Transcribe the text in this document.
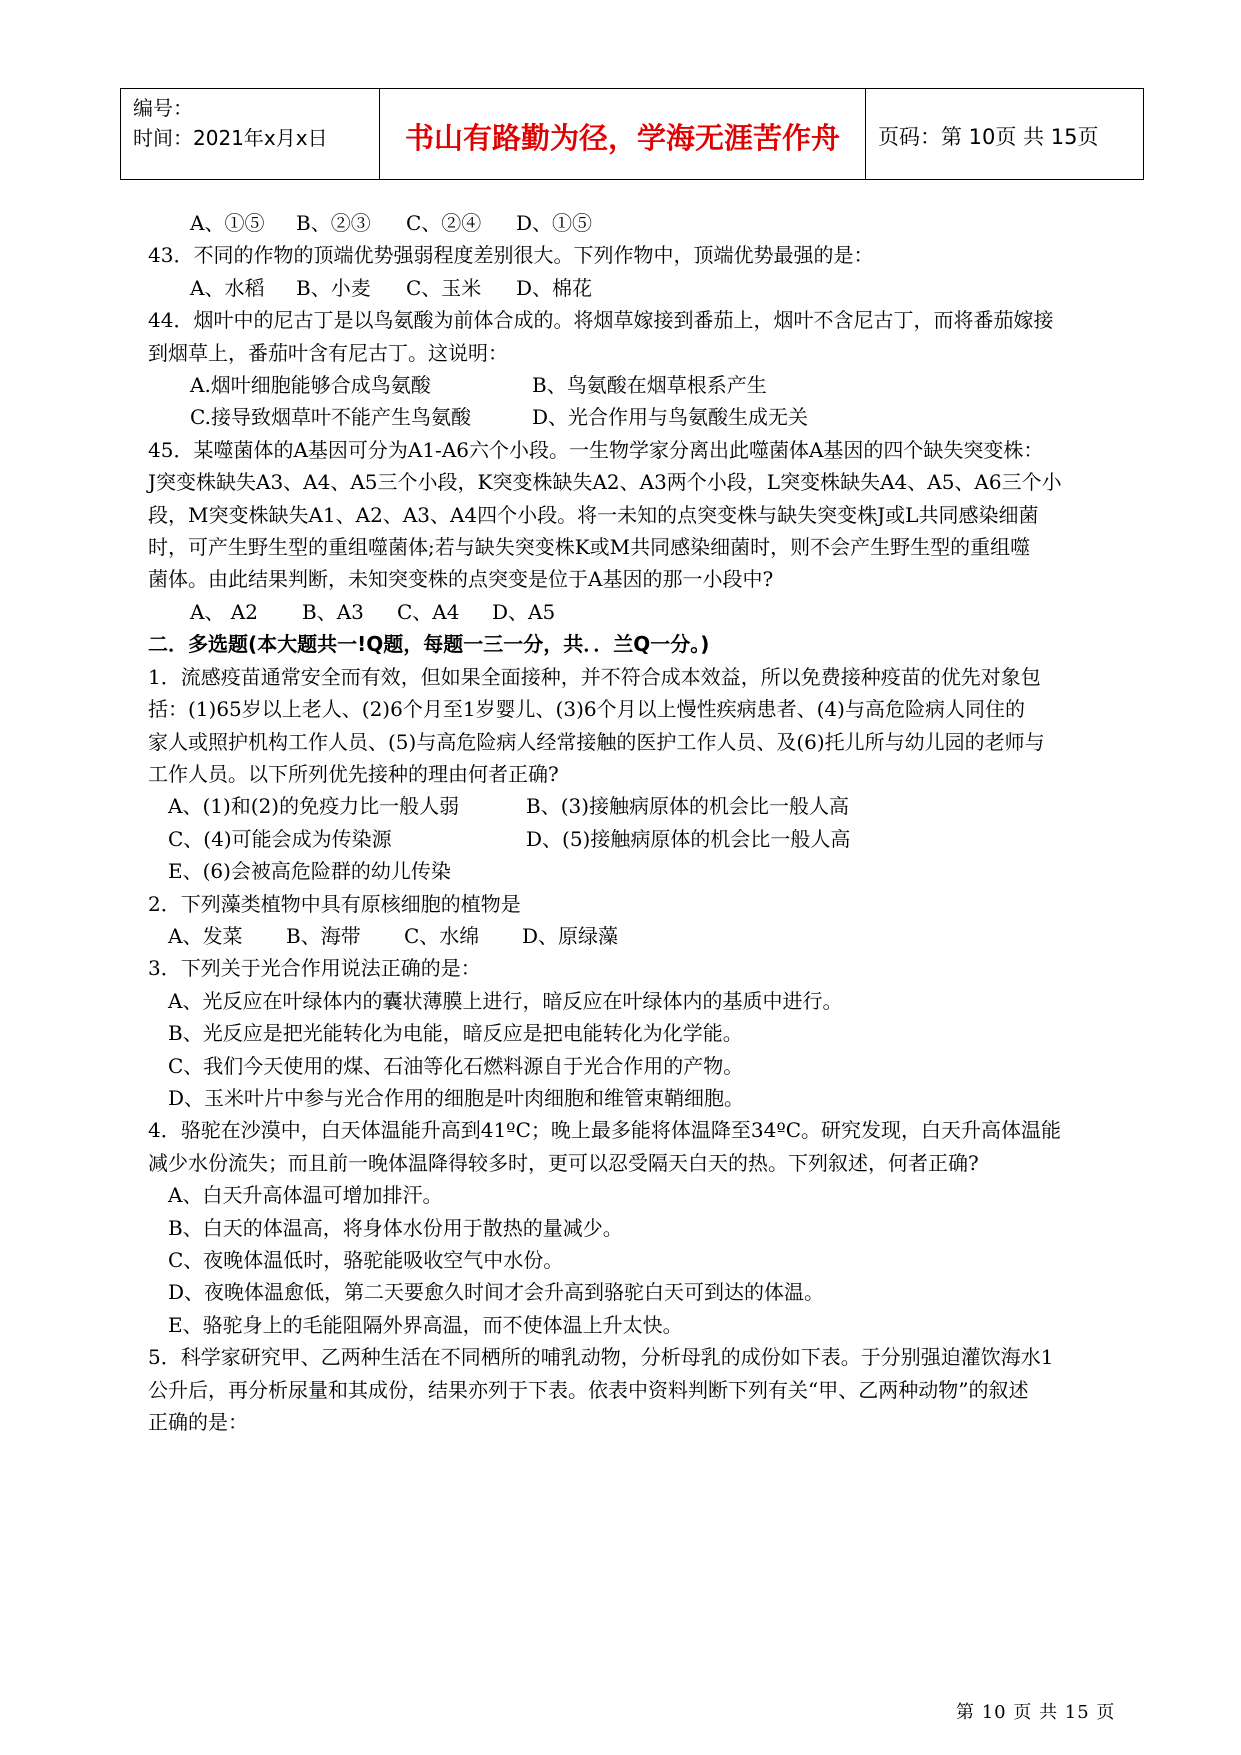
编号：
时间：2021年x月x日	书山有路勤为径，学海无涯苦作舟	页码：第 10页 共 15页

A、①⑤	B、②③	C、②④	D、①⑤

43．不同的作物的顶端优势强弱程度差别很大。下列作物中，顶端优势最强的是：

A、水稻	B、小麦	C、玉米	D、棉花

44．烟叶中的尼古丁是以鸟氨酸为前体合成的。将烟草嫁接到番茄上，烟叶不含尼古丁，而将番茄嫁接

到烟草上，番茄叶含有尼古丁。这说明：

A.烟叶细胞能够合成鸟氨酸	B、鸟氨酸在烟草根系产生

C.接导致烟草叶不能产生鸟氨酸	D、光合作用与鸟氨酸生成无关

45．某噬菌体的A基因可分为A1-A6六个小段。一生物学家分离出此噬菌体A基因的四个缺失突变株：

J突变株缺失A3、A4、A5三个小段，K突变株缺失A2、A3两个小段，L突变株缺失A4、A5、A6三个小

段，M突变株缺失A1、A2、A3、A4四个小段。将一未知的点突变株与缺失突变株J或L共同感染细菌

时，可产生野生型的重组噬菌体;若与缺失突变株K或M共同感染细菌时，则不会产生野生型的重组噬

菌体。由此结果判断，未知突变株的点突变是位于A基因的那一小段中?

A、 A2	B、A3	C、A4	D、A5

二．多选题(本大题共一!Q题，每题一三一分，共．．兰Q一分。)

1．流感疫苗通常安全而有效，但如果全面接种，并不符合成本效益，所以免费接种疫苗的优先对象包

括：(1)65岁以上老人、(2)6个月至1岁婴儿、(3)6个月以上慢性疾病患者、(4)与高危险病人同住的

家人或照护机构工作人员、(5)与高危险病人经常接触的医护工作人员、及(6)托儿所与幼儿园的老师与

工作人员。以下所列优先接种的理由何者正确?

A、(1)和(2)的免疫力比一般人弱	B、(3)接触病原体的机会比一般人高

C、(4)可能会成为传染源	D、(5)接触病原体的机会比一般人高

E、(6)会被高危险群的幼儿传染

2．下列藻类植物中具有原核细胞的植物是

A、发菜	B、海带	C、水绵	D、原绿藻

3．下列关于光合作用说法正确的是：

A、光反应在叶绿体内的囊状薄膜上进行，暗反应在叶绿体内的基质中进行。

B、光反应是把光能转化为电能，暗反应是把电能转化为化学能。

C、我们今天使用的煤、石油等化石燃料源自于光合作用的产物。

D、玉米叶片中参与光合作用的细胞是叶肉细胞和维管束鞘细胞。

4．骆驼在沙漠中，白天体温能升高到41ºC；晚上最多能将体温降至34ºC。研究发现，白天升高体温能

减少水份流失；而且前一晚体温降得较多时，更可以忍受隔天白天的热。下列叙述，何者正确?

A、白天升高体温可增加排汗。

B、白天的体温高，将身体水份用于散热的量减少。

C、夜晚体温低时，骆驼能吸收空气中水份。

D、夜晚体温愈低，第二天要愈久时间才会升高到骆驼白天可到达的体温。

E、骆驼身上的毛能阻隔外界高温，而不使体温上升太快。

5．科学家研究甲、乙两种生活在不同栖所的哺乳动物，分析母乳的成份如下表。于分别强迫灌饮海水1

公升后，再分析尿量和其成份，结果亦列于下表。依表中资料判断下列有关“甲、乙两种动物”的叙述

正确的是：

第 10 页 共 15 页
